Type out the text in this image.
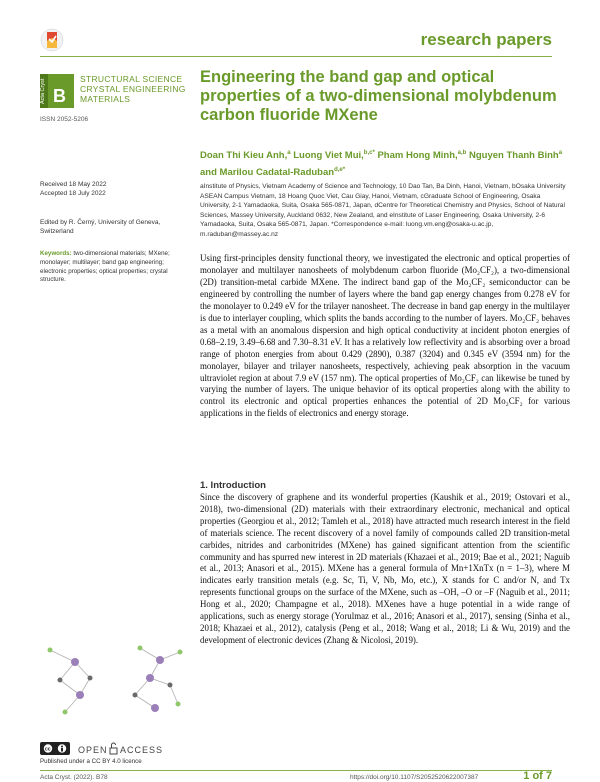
research papers
Acta Cryst B
STRUCTURAL SCIENCE
CRYSTAL ENGINEERING
MATERIALS
ISSN 2052-5206
Engineering the band gap and optical properties of a two-dimensional molybdenum carbon fluoride MXene
Doan Thi Kieu Anh,$^a$ Luong Viet Mui,$^{b,c*}$ Pham Hong Minh,$^{a,b}$ Nguyen Thanh Binh$^a$ and Marilou Cadatal-Raduban$^{d,e*}$
aInstitute of Physics, Vietnam Academy of Science and Technology, 10 Dao Tan, Ba Dinh, Hanoi, Vietnam, bOsaka University ASEAN Campus Vietnam, 18 Hoang Quoc Viet, Cau Giay, Hanoi, Vietnam, cGraduate School of Engineering, Osaka University, 2-1 Yamadaoka, Suita, Osaka 565-0871, Japan, dCentre for Theoretical Chemistry and Physics, School of Natural Sciences, Massey University, Auckland 0632, New Zealand, and eInstitute of Laser Engineering, Osaka University, 2-6 Yamadaoka, Suita, Osaka 565-0871, Japan. *Correspondence e-mail: luong.vm.eng@osaka-u.ac.jp, m.raduban@massey.ac.nz
Received 18 May 2022
Accepted 18 July 2022
Edited by R. Černý, University of Geneva, Switzerland
Keywords: two-dimensional materials; MXene; monolayer; multilayer; band gap engineering; electronic properties; optical properties; crystal structure.
Using first-principles density functional theory, we investigated the electronic and optical properties of monolayer and multilayer nanosheets of molybdenum carbon fluoride (Mo₂CF₂), a two-dimensional (2D) transition-metal carbide MXene. The indirect band gap of the Mo₂CF₂ semiconductor can be engineered by controlling the number of layers where the band gap energy changes from 0.278 eV for the monolayer to 0.249 eV for the trilayer nanosheet. The decrease in band gap energy in the multilayer is due to interlayer coupling, which splits the bands according to the number of layers. Mo₂CF₂ behaves as a metal with an anomalous dispersion and high optical conductivity at incident photon energies of 0.68–2.19, 3.49–6.68 and 7.30–8.31 eV. It has a relatively low reflectivity and is absorbing over a broad range of photon energies from about 0.429 (2890), 0.387 (3204) and 0.345 eV (3594 nm) for the monolayer, bilayer and trilayer nanosheets, respectively, achieving peak absorption in the vacuum ultraviolet region at about 7.9 eV (157 nm). The optical properties of Mo₂CF₂ can likewise be tuned by varying the number of layers. The unique behavior of its optical properties along with the ability to control its electronic and optical properties enhances the potential of 2D Mo₂CF₂ for various applications in the fields of electronics and energy storage.
1. Introduction
Since the discovery of graphene and its wonderful properties (Kaushik et al., 2019; Ostovari et al., 2018), two-dimensional (2D) materials with their extraordinary electronic, mechanical and optical properties (Georgiou et al., 2012; Tamleh et al., 2018) have attracted much research interest in the field of materials science. The recent discovery of a novel family of compounds called 2D transition-metal carbides, nitrides and carbonitrides (MXene) has gained significant attention from the scientific community and has spurred new interest in 2D materials (Khazaei et al., 2019; Bae et al., 2021; Naguib et al., 2013; Anasori et al., 2015). MXene has a general formula of Mn+1XnTx (n = 1–3), where M indicates early transition metals (e.g. Sc, Ti, V, Nb, Mo, etc.), X stands for C and/or N, and Tx represents functional groups on the surface of the MXene, such as –OH, –O or –F (Naguib et al., 2011; Hong et al., 2020; Champagne et al., 2018). MXenes have a huge potential in a wide range of applications, such as energy storage (Yorulmaz et al., 2016; Anasori et al., 2017), sensing (Sinha et al., 2018; Khazaei et al., 2012), catalysis (Peng et al., 2018; Wang et al., 2018; Li & Wu, 2019) and the development of electronic devices (Zhang & Nicolosi, 2019).
cc	OPEN ACCESS
Published under a CC BY 4.0 licence
Acta Cryst. (2022). B78	https://doi.org/10.1107/S2052520622007387	1 of 7
